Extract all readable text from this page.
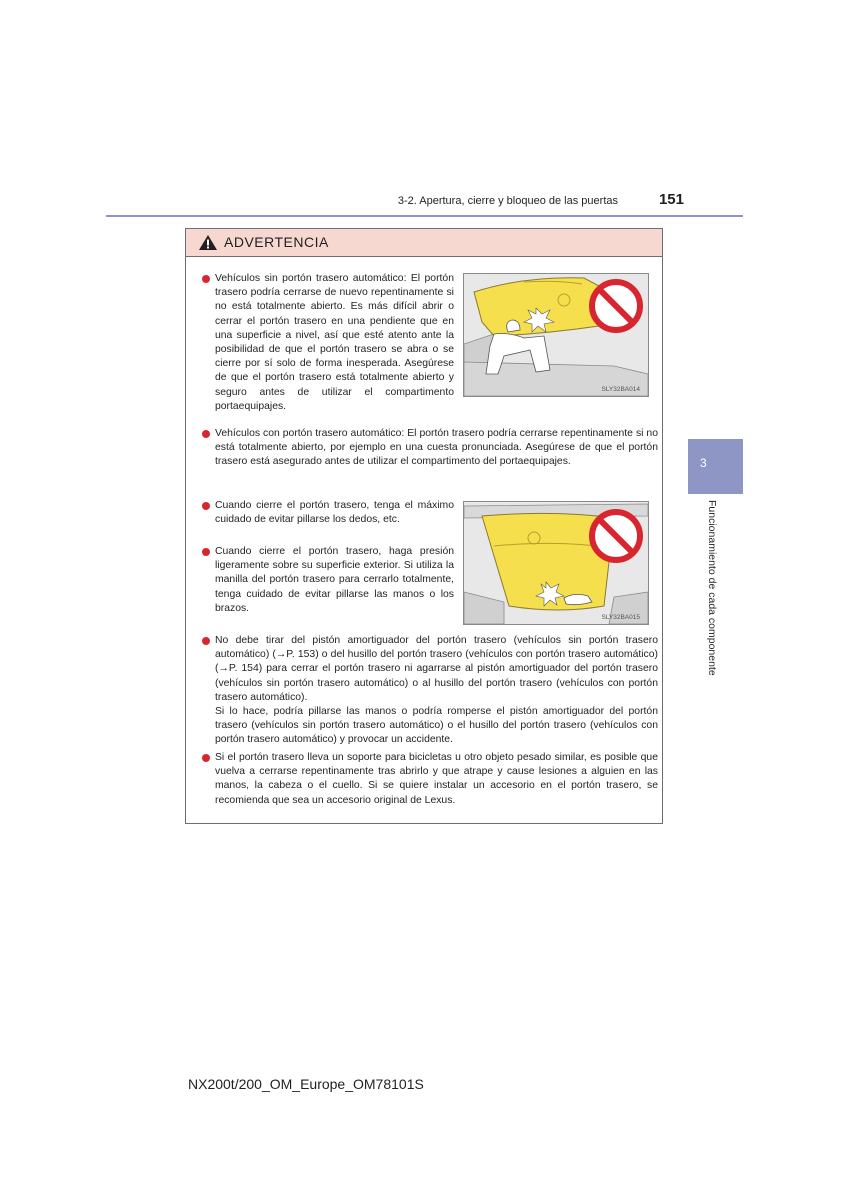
3-2. Apertura, cierre y bloqueo de las puertas	151
3
Funcionamiento de cada componente
ADVERTENCIA
Vehículos sin portón trasero automático: El portón trasero podría cerrarse de nuevo repentinamente si no está totalmente abierto. Es más difícil abrir o cerrar el portón trasero en una pendiente que en una superficie a nivel, así que esté atento ante la posibilidad de que el portón trasero se abra o se cierre por sí solo de forma inesperada. Asegúrese de que el portón trasero está totalmente abierto y seguro antes de utilizar el compartimento portaequipajes.
SLY32BA014
Vehículos con portón trasero automático: El portón trasero podría cerrarse repentinamente si no está totalmente abierto, por ejemplo en una cuesta pronunciada. Asegúrese de que el portón trasero está asegurado antes de utilizar el compartimento del portaequipajes.
Cuando cierre el portón trasero, tenga el máximo cuidado de evitar pillarse los dedos, etc.
Cuando cierre el portón trasero, haga presión ligeramente sobre su superficie exterior. Si utiliza la manilla del portón trasero para cerrarlo totalmente, tenga cuidado de evitar pillarse las manos o los brazos.
SLY32BA015
No debe tirar del pistón amortiguador del portón trasero (vehículos sin portón trasero automático) (→P. 153) o del husillo del portón trasero (vehículos con portón trasero automático) (→P. 154) para cerrar el portón trasero ni agarrarse al pistón amortiguador del portón trasero (vehículos sin portón trasero automático) o al husillo del portón trasero (vehículos con portón trasero automático).
Si lo hace, podría pillarse las manos o podría romperse el pistón amortiguador del portón trasero (vehículos sin portón trasero automático) o el husillo del portón trasero (vehículos con portón trasero automático) y provocar un accidente.
Si el portón trasero lleva un soporte para bicicletas u otro objeto pesado similar, es posible que vuelva a cerrarse repentinamente tras abrirlo y que atrape y cause lesiones a alguien en las manos, la cabeza o el cuello. Si se quiere instalar un accesorio en el portón trasero, se recomienda que sea un accesorio original de Lexus.
NX200t/200_OM_Europe_OM78101S
